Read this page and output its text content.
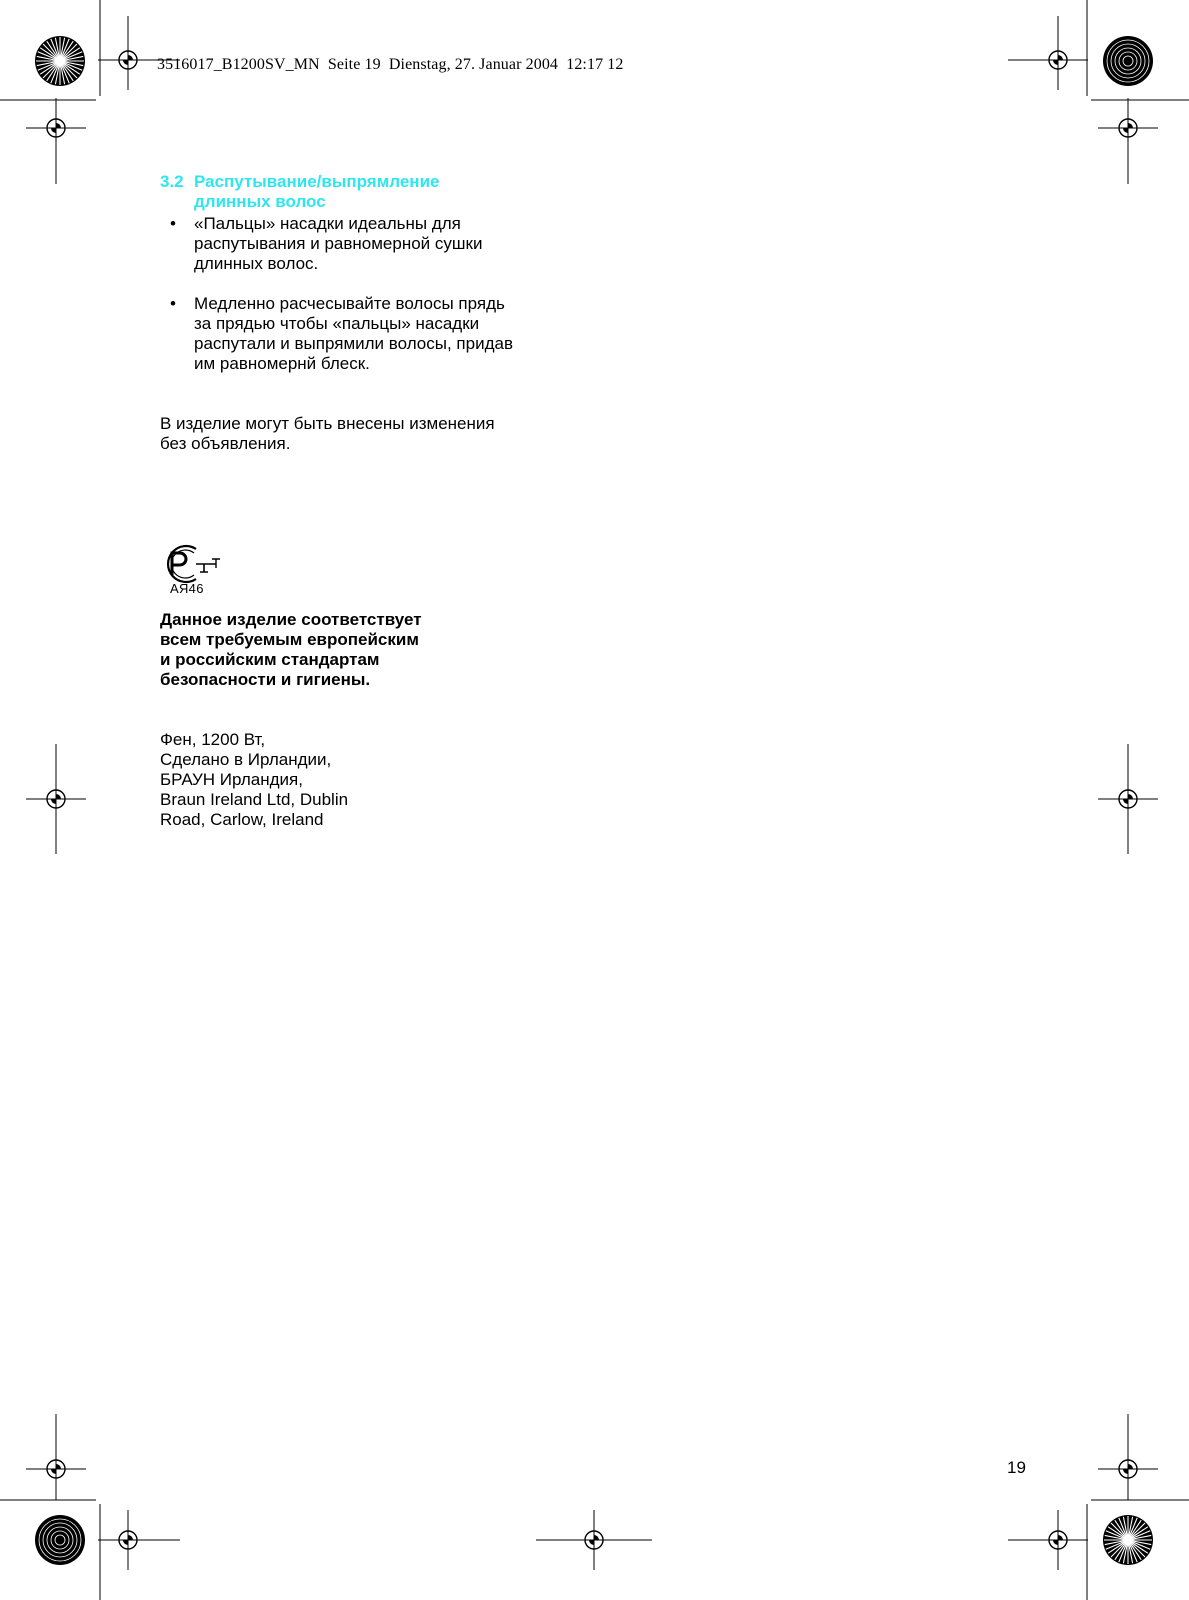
3516017_B1200SV_MN  Seite 19  Dienstag, 27. Januar 2004  12:17 12
3.2 Распутывание/выпрямление
длинных волос
•	«Пальцы» насадки идеальны для
распутывания и равномерной сушки
длинных волос.
•	Медленно расчесывайте волосы прядь
за прядью чтобы «пальцы» насадки
распутали и выпрямили волосы, придав
им равномернй блеск.
В изделие могут быть внесены изменения
без объявления.
АЯ46
Данное изделие соответствует
всем требуемым европейским
и российским стандартам
безопасности и гигиены.
Фен, 1200 Вт,
Сделано в Ирландии,
БРАУН Ирландия,
Braun Ireland Ltd, Dublin
Road, Carlow, Ireland
19
